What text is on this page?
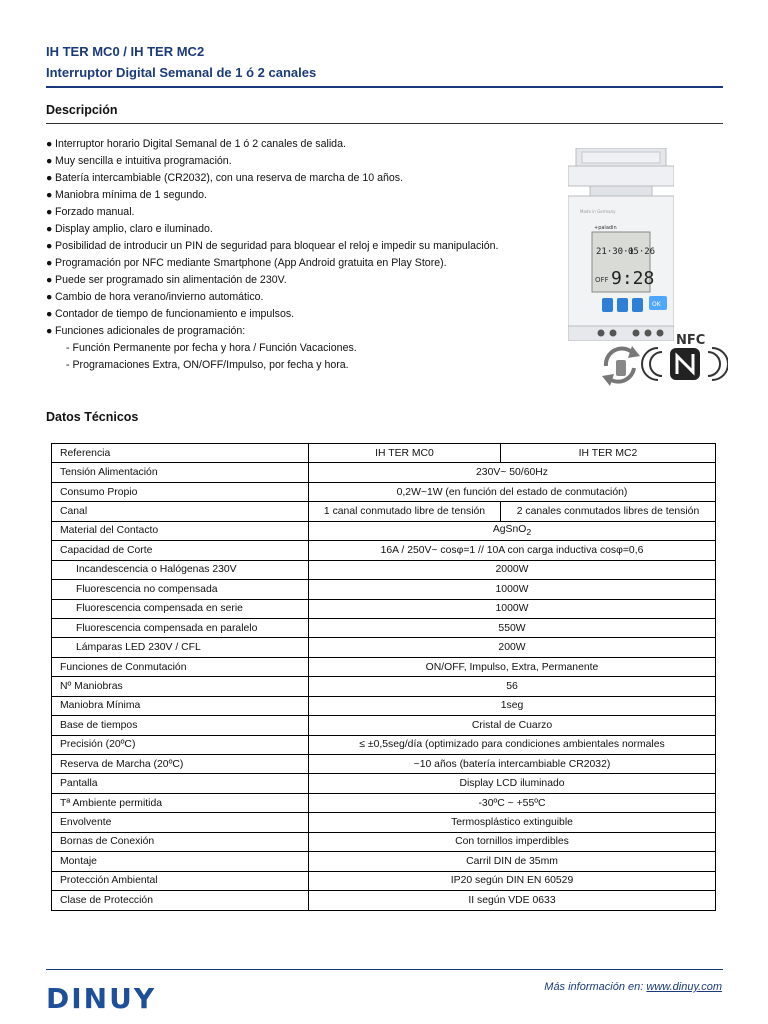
IH TER MC0 / IH TER MC2
Interruptor Digital Semanal de 1 ó 2 canales
Descripción
● Interruptor horario Digital Semanal de 1 ó 2 canales de salida.
● Muy sencilla e intuitiva programación.
● Batería intercambiable (CR2032), con una reserva de marcha de 10 años.
● Maniobra mínima de 1 segundo.
● Forzado manual.
● Display amplio, claro e iluminado.
● Posibilidad de introducir un PIN de seguridad para bloquear el reloj e impedir su manipulación.
● Programación por NFC mediante Smartphone (App Android gratuita en Play Store).
● Puede ser programado sin alimentación de 230V.
● Cambio de hora verano/invierno automático.
● Contador de tiempo de funcionamiento e impulsos.
● Funciones adicionales de programación:
- Función Permanente por fecha y hora / Función Vacaciones.
- Programaciones Extra, ON/OFF/Impulso, por fecha y hora.
Made in Germany
+paladin
21·30·1
05·26
OFF 9:28
OK
NFC
Datos Técnicos
Referencia	IH TER MC0	IH TER MC2
Tensión Alimentación	230V~ 50/60Hz	
Consumo Propio	0,2W~1W (en función del estado de conmutación)	
Canal	1 canal conmutado libre de tensión	2 canales conmutados libres de tensión
Material del Contacto	AgSnO$_2$
Capacidad de Corte	16A / 250V~ cosφ=1 // 10A con carga inductiva cosφ=0,6	
Incandescencia o Halógenas 230V	2000W	
Fluorescencia no compensada	1000W	
Fluorescencia compensada en serie	1000W	
Fluorescencia compensada en paralelo	550W	
Lámparas LED 230V / CFL	200W	
Funciones de Conmutación	ON/OFF, Impulso, Extra, Permanente	
Nº Maniobras	56	
Maniobra Mínima	1seg	
Base de tiempos	Cristal de Cuarzo	
Precisión (20ºC)	≤ ±0,5seg/día (optimizado para condiciones ambientales normales	
Reserva de Marcha (20ºC)	~10 años (batería intercambiable CR2032)	
Pantalla	Display LCD iluminado	
Tª Ambiente permitida	-30ºC ~ +55ºC	
Envolvente	Termosplástico extinguible	
Bornas de Conexión	Con tornillos imperdibles	
Montaje	Carril DIN de 35mm	
Protección Ambiental	IP20 según DIN EN 60529	
Clase de Protección	II según VDE 0633	
DINUY	Más información en: www.dinuy.com
